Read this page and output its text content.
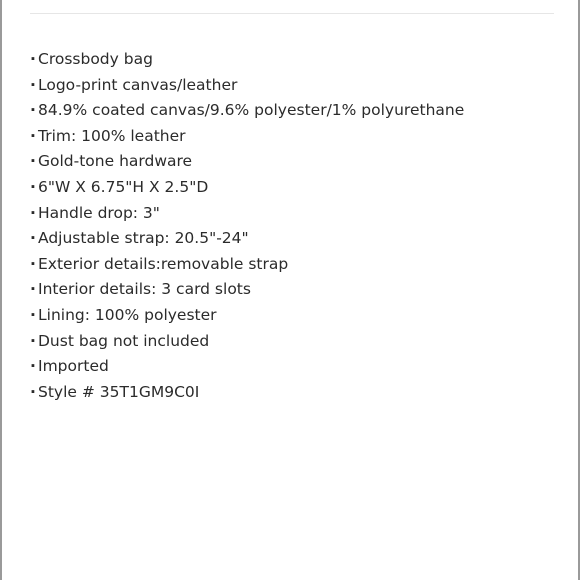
· Crossbody bag
· Logo-print canvas/leather
· 84.9% coated canvas/9.6% polyester/1% polyurethane
· Trim: 100% leather
· Gold-tone hardware
· 6"W X 6.75"H X 2.5"D
· Handle drop: 3"
· Adjustable strap: 20.5"-24"
· Exterior details:removable strap
· Interior details: 3 card slots
· Lining: 100% polyester
· Dust bag not included
· Imported
· Style # 35T1GM9C0I
